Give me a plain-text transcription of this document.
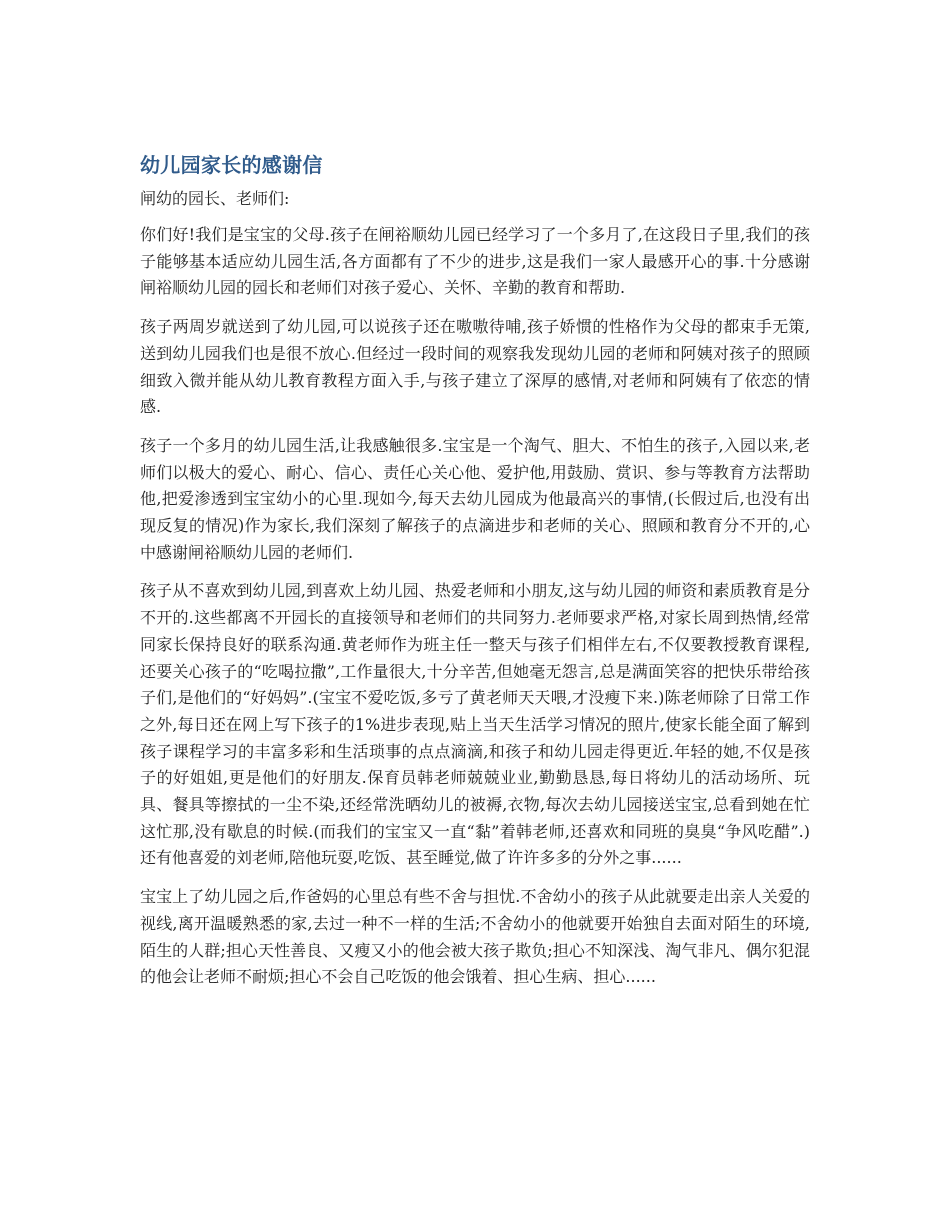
幼儿园家长的感谢信

闸幼的园长、老师们:

你们好!我们是宝宝的父母.孩子在闸裕顺幼儿园已经学习了一个多月了,在这段日子里,我们的孩子能够基本适应幼儿园生活,各方面都有了不少的进步,这是我们一家人最感开心的事.十分感谢闸裕顺幼儿园的园长和老师们对孩子爱心、关怀、辛勤的教育和帮助.

孩子两周岁就送到了幼儿园,可以说孩子还在嗷嗷待哺,孩子娇惯的性格作为父母的都束手无策,送到幼儿园我们也是很不放心.但经过一段时间的观察我发现幼儿园的老师和阿姨对孩子的照顾细致入微并能从幼儿教育教程方面入手,与孩子建立了深厚的感情,对老师和阿姨有了依恋的情感.

孩子一个多月的幼儿园生活,让我感触很多.宝宝是一个淘气、胆大、不怕生的孩子,入园以来,老师们以极大的爱心、耐心、信心、责任心关心他、爱护他,用鼓励、赏识、参与等教育方法帮助他,把爱渗透到宝宝幼小的心里.现如今,每天去幼儿园成为他最高兴的事情,(长假过后,也没有出现反复的情况)作为家长,我们深刻了解孩子的点滴进步和老师的关心、照顾和教育分不开的,心中感谢闸裕顺幼儿园的老师们.

孩子从不喜欢到幼儿园,到喜欢上幼儿园、热爱老师和小朋友,这与幼儿园的师资和素质教育是分不开的.这些都离不开园长的直接领导和老师们的共同努力.老师要求严格,对家长周到热情,经常同家长保持良好的联系沟通.黄老师作为班主任一整天与孩子们相伴左右,不仅要教授教育课程,还要关心孩子的“吃喝拉撒”,工作量很大,十分辛苦,但她毫无怨言,总是满面笑容的把快乐带给孩子们,是他们的“好妈妈”.(宝宝不爱吃饭,多亏了黄老师天天喂,才没瘦下来.)陈老师除了日常工作之外,每日还在网上写下孩子的1%进步表现,贴上当天生活学习情况的照片,使家长能全面了解到孩子课程学习的丰富多彩和生活琐事的点点滴滴,和孩子和幼儿园走得更近.年轻的她,不仅是孩子的好姐姐,更是他们的好朋友.保育员韩老师兢兢业业,勤勤恳恳,每日将幼儿的活动场所、玩具、餐具等擦拭的一尘不染,还经常洗晒幼儿的被褥,衣物,每次去幼儿园接送宝宝,总看到她在忙这忙那,没有歇息的时候.(而我们的宝宝又一直“黏”着韩老师,还喜欢和同班的臭臭“争风吃醋”.)还有他喜爱的刘老师,陪他玩耍,吃饭、甚至睡觉,做了许许多多的分外之事......

宝宝上了幼儿园之后,作爸妈的心里总有些不舍与担忧.不舍幼小的孩子从此就要走出亲人关爱的视线,离开温暖熟悉的家,去过一种不一样的生活;不舍幼小的他就要开始独自去面对陌生的环境,陌生的人群;担心天性善良、又瘦又小的他会被大孩子欺负;担心不知深浅、淘气非凡、偶尔犯混的他会让老师不耐烦;担心不会自己吃饭的他会饿着、担心生病、担心......
